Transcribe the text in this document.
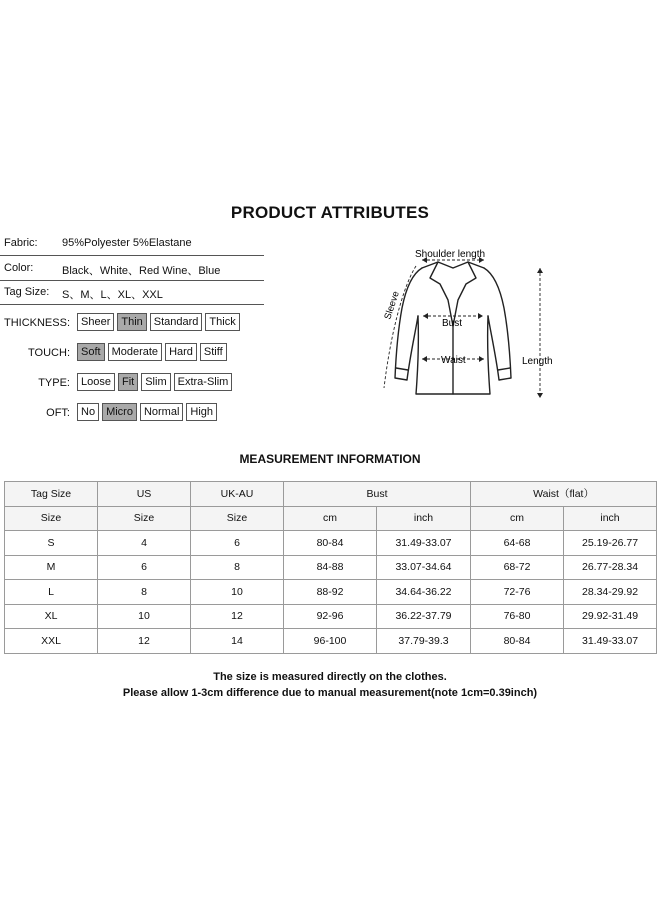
PRODUCT ATTRIBUTES
Fabric: 95%Polyester 5%Elastane
Color:	Black、White、Red Wine、Blue
Tag Size: S、M、L、XL、XXL
THICKNESS:	Sheer	Thin	Standard	Thick
TOUCH:	Soft	Moderate	Hard	Stiff
TYPE:	Loose	Fit	Slim	Extra-Slim
OFT:	No	Micro	Normal	High
Shoulder length
Sleeve
Bust
Waist	Length
MEASUREMENT INFORMATION
Tag Size	US	UK-AU	Bust		Waist（flat）	
Size	Size	Size	cm	inch	cm	inch
S	4	6	80-84	31.49-33.07	64-68	25.19-26.77
M	6	8	84-88	33.07-34.64	68-72	26.77-28.34
L	8	10	88-92	34.64-36.22	72-76	28.34-29.92
XL	10	12	92-96	36.22-37.79	76-80	29.92-31.49
XXL	12	14	96-100	37.79-39.3	80-84	31.49-33.07
The size is measured directly on the clothes.
Please allow 1-3cm difference due to manual measurement(note 1cm=0.39inch)
